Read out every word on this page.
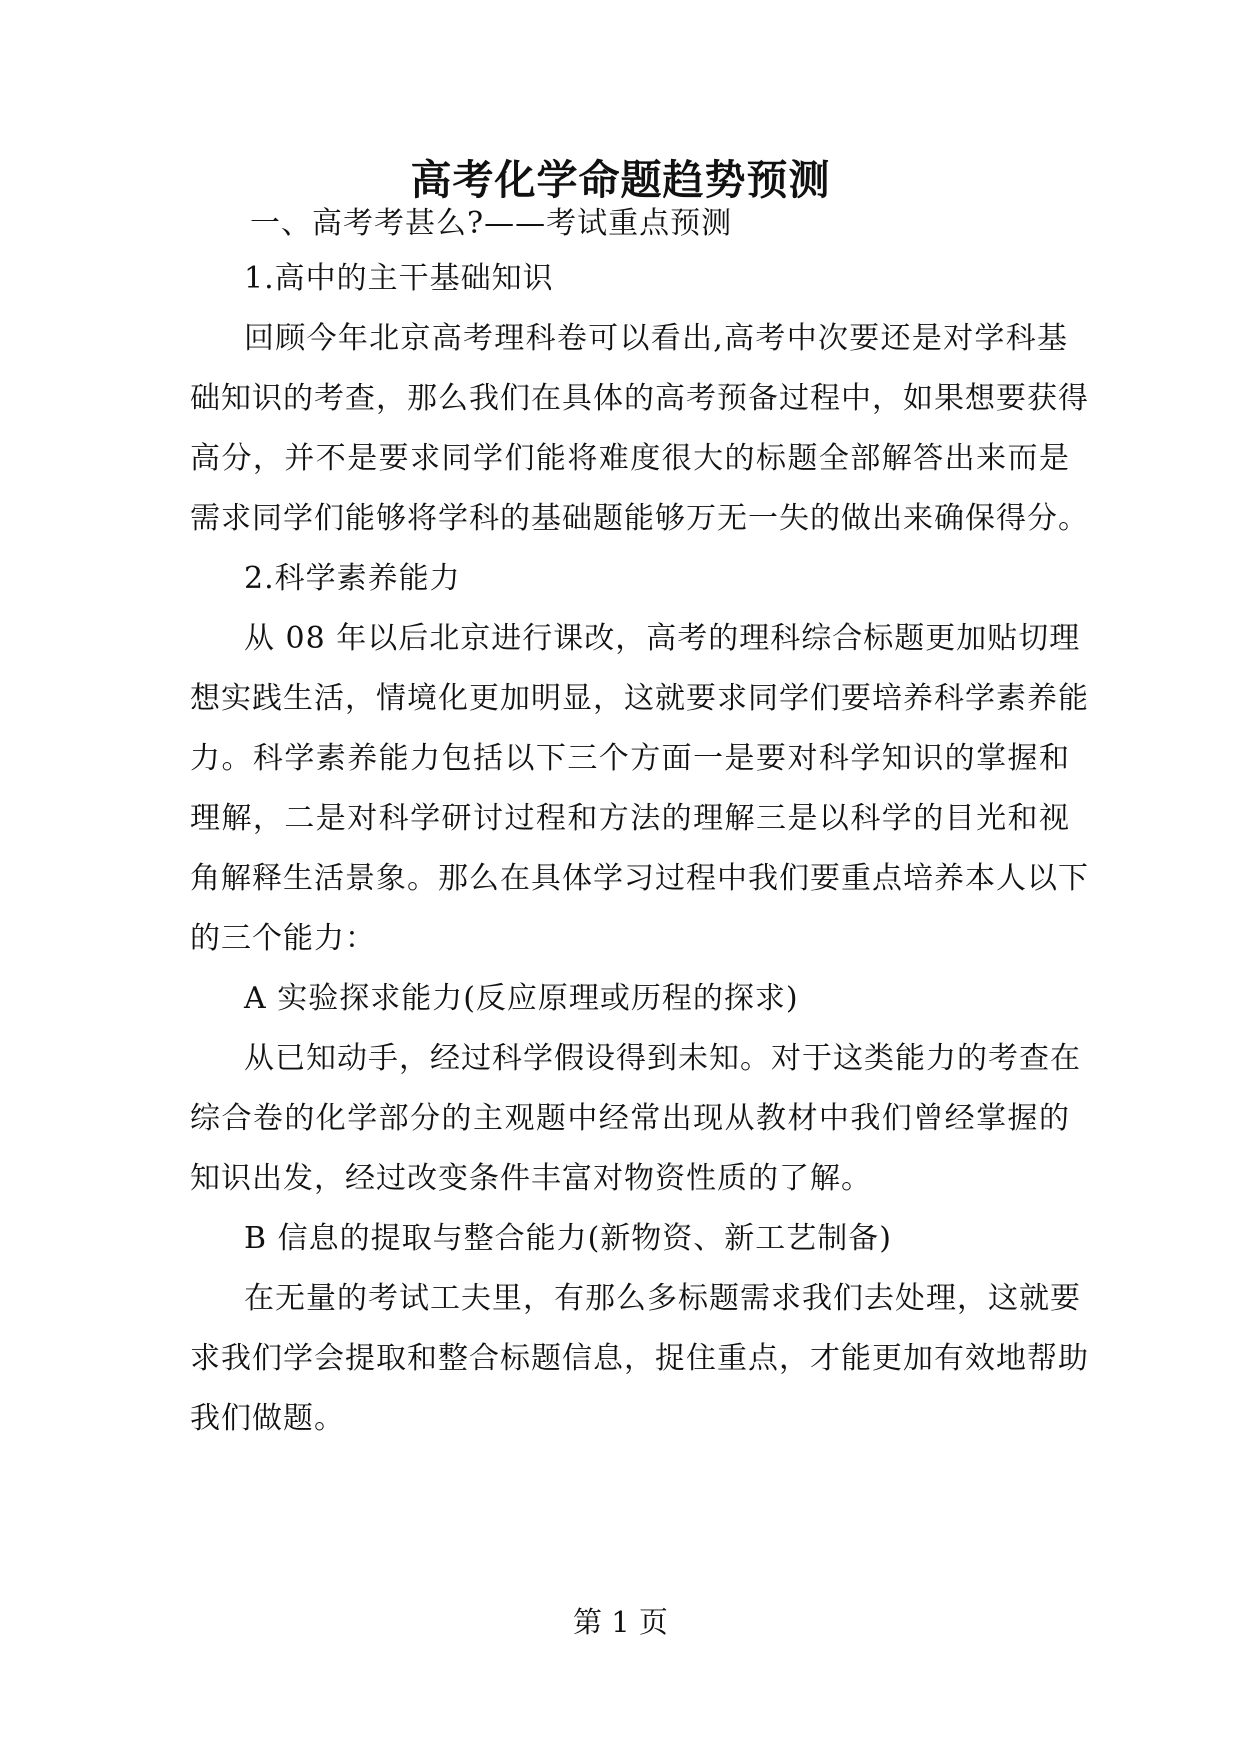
高考化学命题趋势预测
一、高考考甚么?——考试重点预测
1.高中的主干基础知识
回顾今年北京高考理科卷可以看出,高考中次要还是对学科基
础知识的考查，那么我们在具体的高考预备过程中，如果想要获得
高分，并不是要求同学们能将难度很大的标题全部解答出来而是
需求同学们能够将学科的基础题能够万无一失的做出来确保得分。
2.科学素养能力
从 08 年以后北京进行课改，高考的理科综合标题更加贴切理
想实践生活，情境化更加明显，这就要求同学们要培养科学素养能
力。科学素养能力包括以下三个方面一是要对科学知识的掌握和
理解，二是对科学研讨过程和方法的理解三是以科学的目光和视
角解释生活景象。那么在具体学习过程中我们要重点培养本人以下
的三个能力：
A 实验探求能力(反应原理或历程的探求)
从已知动手，经过科学假设得到未知。对于这类能力的考查在
综合卷的化学部分的主观题中经常出现从教材中我们曾经掌握的
知识出发，经过改变条件丰富对物资性质的了解。
B 信息的提取与整合能力(新物资、新工艺制备)
在无量的考试工夫里，有那么多标题需求我们去处理，这就要
求我们学会提取和整合标题信息，捉住重点，才能更加有效地帮助
我们做题。
第 1 页
